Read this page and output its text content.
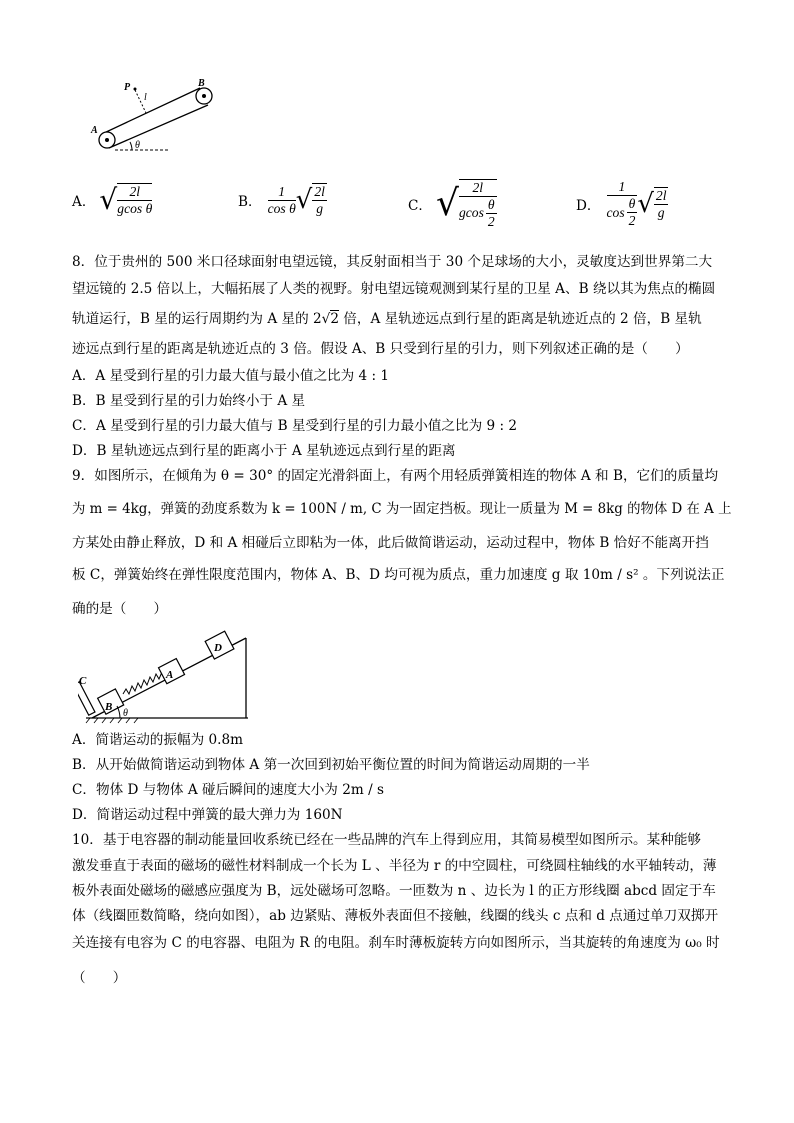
P
l
A
B
θ
A． √ $\frac{2l}{\text{gcos θ}}$	B． $\frac{1}{\text{cos θ}}$ √ $\frac{2l}{g}$	C． √ $\frac{2l}{gcos \frac{\theta}{2}}$	D． $\frac{1}{\cos \frac{\theta}{2}}$ √ $\frac{2l}{g}$
8．位于贵州的 500 米口径球面射电望远镜，其反射面相当于 30 个足球场的大小，灵敏度达到世界第二大
望远镜的 2.5 倍以上，大幅拓展了人类的视野。射电望远镜观测到某行星的卫星 A、B 绕以其为焦点的椭圆
轨道运行，B 星的运行周期约为 A 星的 2√2 倍，A 星轨迹远点到行星的距离是轨迹近点的 2 倍，B 星轨
迹远点到行星的距离是轨迹近点的 3 倍。假设 A、B 只受到行星的引力，则下列叙述正确的是（　　）
A．A 星受到行星的引力最大值与最小值之比为 4 : 1
B．B 星受到行星的引力始终小于 A 星
C．A 星受到行星的引力最大值与 B 星受到行星的引力最小值之比为 9 : 2
D．B 星轨迹远点到行星的距离小于 A 星轨迹远点到行星的距离
9．如图所示，在倾角为 θ = 30° 的固定光滑斜面上，有两个用轻质弹簧相连的物体 A 和 B，它们的质量均
为 m = 4kg，弹簧的劲度系数为 k = 100N / m, C 为一固定挡板。现让一质量为 M = 8kg 的物体 D 在 A 上
方某处由静止释放，D 和 A 相碰后立即粘为一体，此后做简谐运动，运动过程中，物体 B 恰好不能离开挡
板 C，弹簧始终在弹性限度范围内，物体 A、B、D 均可视为质点，重力加速度 g 取 10m / s² 。下列说法正
确的是（　　）
C
B
A
D
θ
A．简谐运动的振幅为 0.8m
B．从开始做简谐运动到物体 A 第一次回到初始平衡位置的时间为简谐运动周期的一半
C．物体 D 与物体 A 碰后瞬间的速度大小为 2m / s
D．简谐运动过程中弹簧的最大弹力为 160N
10．基于电容器的制动能量回收系统已经在一些品牌的汽车上得到应用，其简易模型如图所示。某种能够
激发垂直于表面的磁场的磁性材料制成一个长为 L 、半径为 r 的中空圆柱，可绕圆柱轴线的水平轴转动，薄
板外表面处磁场的磁感应强度为 B，远处磁场可忽略。一匝数为 n 、边长为 l 的正方形线圈 abcd 固定于车
体（线圈匝数简略，绕向如图），ab 边紧贴、薄板外表面但不接触，线圈的线头 c 点和 d 点通过单刀双掷开
关连接有电容为 C 的电容器、电阻为 R 的电阻。刹车时薄板旋转方向如图所示，当其旋转的角速度为 ω₀ 时
（　　）
